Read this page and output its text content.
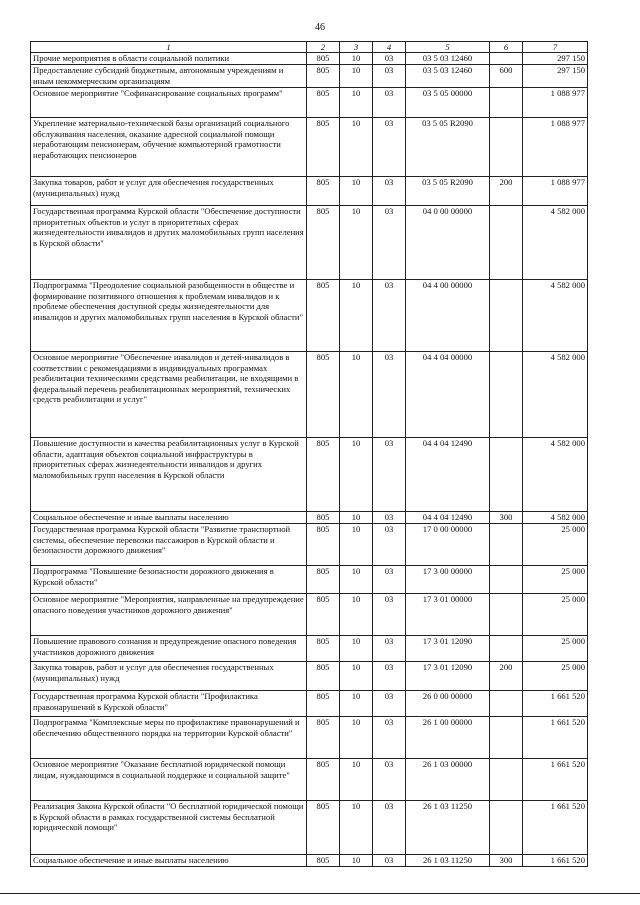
46
1	2	3	4	5	6	7
Прочие мероприятия в области социальной политики	805	10	03	03 5 03 12460		297 150
Предоставление субсидий бюджетным, автономным учреждениям и иным некоммерческим организациям	805	10	03	03 5 03 12460	600	297 150
Основное мероприятие "Софинансирование социальных программ"	805	10	03	03 5 05 00000		1 088 977
Укрепление материально-технической базы организаций социального обслуживания населения, оказание адресной социальной помощи неработающим пенсионерам, обучение компьютерной грамотности неработающих пенсионеров	805	10	03	03 5 05 R2090		1 088 977
Закупка товаров, работ и услуг для обеспечения государственных (муниципальных) нужд	805	10	03	03 5 05 R2090	200	1 088 977
Государственная программа Курской области "Обеспечение доступности приоритетных объектов и услуг в приоритетных сферах жизнедеятельности инвалидов и других маломобильных групп населения в Курской области"	805	10	03	04 0 00 00000		4 582 000
Подпрограмма "Преодоление социальной разобщенности в обществе и формирование позитивного отношения к проблемам инвалидов и к проблеме обеспечения доступной среды жизнедеятельности для инвалидов и других маломобильных групп населения в Курской области"	805	10	03	04 4 00 00000		4 582 000
Основное мероприятие "Обеспечение инвалидов и детей-инвалидов в соответствии с рекомендациями в индивидуальных программах реабилитации техническими средствами реабилитации, не входящими в федеральный перечень реабилитационных мероприятий, технических средств реабилитации и услуг"	805	10	03	04 4 04 00000		4 582 000
Повышение доступности и качества реабилитационных услуг в Курской области, адаптация объектов социальной инфраструктуры в приоритетных сферах жизнедеятельности инвалидов и других маломобильных групп населения в Курской области	805	10	03	04 4 04 12490		4 582 000
Социальное обеспечение и иные выплаты населению	805	10	03	04 4 04 12490	300	4 582 000
Государственная программа Курской области "Развитие транспортной системы, обеспечение перевозки пассажиров в Курской области и безопасности дорожного движения"	805	10	03	17 0 00 00000		25 000
Подпрограмма "Повышение безопасности дорожного движения в Курской области"	805	10	03	17 3 00 00000		25 000
Основное мероприятие "Мероприятия, направленные на предупреждение опасного поведения участников дорожного движения"	805	10	03	17 3 01 00000		25 000
Повышение правового сознания и предупреждение опасного поведения участников дорожного движения	805	10	03	17 3 01 12090		25 000
Закупка товаров, работ и услуг для обеспечения государственных (муниципальных) нужд	805	10	03	17 3 01 12090	200	25 000
Государственная программа Курской области "Профилактика правонарушений в Курской области"	805	10	03	26 0 00 00000		1 661 520
Подпрограмма "Комплексные меры по профилактике правонарушений и обеспечению общественного порядка на территории Курской области"	805	10	03	26 1 00 00000		1 661 520
Основное мероприятие "Оказание бесплатной юридической помощи лицам, нуждающимся в социальной поддержке и социальной защите"	805	10	03	26 1 03 00000		1 661 520
Реализация Закона Курской области "О бесплатной юридической помощи в Курской области в рамках государственной системы бесплатной юридической помощи"	805	10	03	26 1 03 11250		1 661 520
Социальное обеспечение и иные выплаты населению	805	10	03	26 1 03 11250	300	1 661 520
